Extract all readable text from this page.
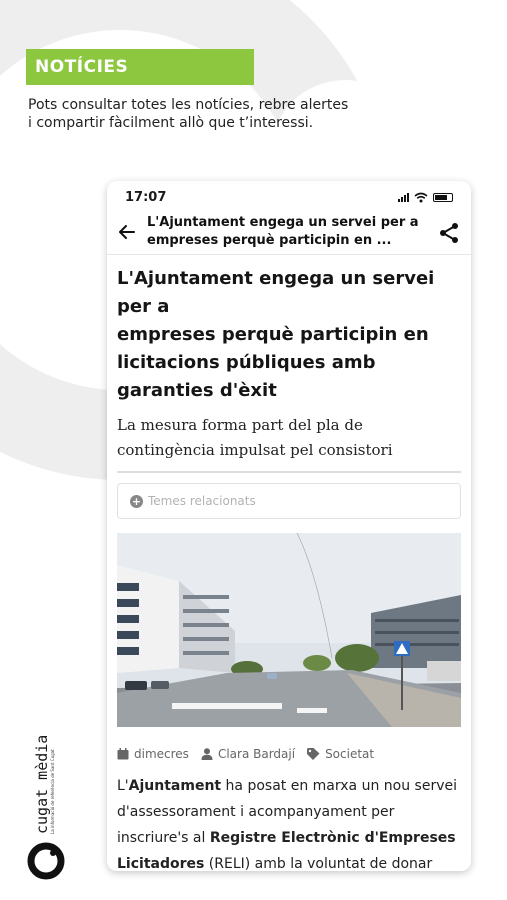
NOTÍCIES
Pots consultar totes les notícies, rebre alertes
i compartir fàcilment allò que t’interessi.
17:07
L'Ajuntament engega un servei per a
empreses perquè participin en ...
L'Ajuntament engega un servei per a
empreses perquè participin en
licitacions públiques amb
garanties d'èxit
La mesura forma part del pla de
contingència impulsat pel consistori
+ Temes relacionats
dimecres Clara Bardají	Societat
L'Ajuntament ha posat en marxa un nou servei
d'assessorament i acompanyament per
inscriure's al Registre Electrònic d'Empreses
Licitadores (RELI) amb la voluntat de donar
cugat mèdia La informació de referència de Sant Cugat
